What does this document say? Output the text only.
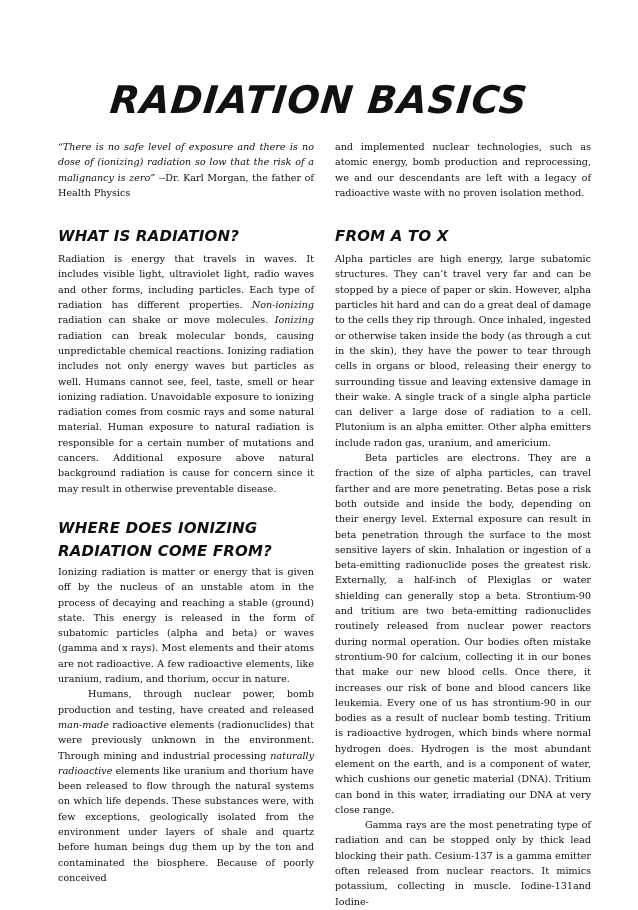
RADIATION BASICS

“There is no safe level of exposure and there is no dose of (ionizing) radiation so low that the risk of a malignancy is zero” --Dr. Karl Morgan, the father of Health Physics

WHAT IS RADIATION?

Radiation is energy that travels in waves. It includes visible light, ultraviolet light, radio waves and other forms, including particles. Each type of radiation has different properties. Non-ionizing radiation can shake or move molecules. Ionizing radiation can break molecular bonds, causing unpredictable chemical reactions. Ionizing radiation includes not only energy waves but particles as well. Humans cannot see, feel, taste, smell or hear ionizing radiation. Unavoidable exposure to ionizing radiation comes from cosmic rays and some natural material. Human exposure to natural radiation is responsible for a certain number of mutations and cancers. Additional exposure above natural background radiation is cause for concern since it may result in otherwise preventable disease.

WHERE DOES IONIZING RADIATION COME FROM?

Ionizing radiation is matter or energy that is given off by the nucleus of an unstable atom in the process of decaying and reaching a stable (ground) state. This energy is released in the form of subatomic particles (alpha and beta) or waves (gamma and x rays). Most elements and their atoms are not radioactive. A few radioactive elements, like uranium, radium, and thorium, occur in nature.

Humans, through nuclear power, bomb production and testing, have created and released man-made radioactive elements (radionuclides) that were previously unknown in the environment. Through mining and industrial processing naturally radioactive elements like uranium and thorium have been released to flow through the natural systems on which life depends. These substances were, with few exceptions, geologically isolated from the environment under layers of shale and quartz before human beings dug them up by the ton and contaminated the biosphere. Because of poorly conceived

and implemented nuclear technologies, such as atomic energy, bomb production and reprocessing, we and our descendants are left with a legacy of radioactive waste with no proven isolation method.

FROM A TO X

Alpha particles are high energy, large subatomic structures. They can’t travel very far and can be stopped by a piece of paper or skin. However, alpha particles hit hard and can do a great deal of damage to the cells they rip through. Once inhaled, ingested or otherwise taken inside the body (as through a cut in the skin), they have the power to tear through cells in organs or blood, releasing their energy to surrounding tissue and leaving extensive damage in their wake. A single track of a single alpha particle can deliver a large dose of radiation to a cell. Plutonium is an alpha emitter. Other alpha emitters include radon gas, uranium, and americium.

Beta particles are electrons. They are a fraction of the size of alpha particles, can travel farther and are more penetrating. Betas pose a risk both outside and inside the body, depending on their energy level. External exposure can result in beta penetration through the surface to the most sensitive layers of skin. Inhalation or ingestion of a beta-emitting radionuclide poses the greatest risk. Externally, a half-inch of Plexiglas or water shielding can generally stop a beta. Strontium-90 and tritium are two beta-emitting radionuclides routinely released from nuclear power reactors during normal operation. Our bodies often mistake strontium-90 for calcium, collecting it in our bones that make our new blood cells. Once there, it increases our risk of bone and blood cancers like leukemia. Every one of us has strontium-90 in our bodies as a result of nuclear bomb testing. Tritium is radioactive hydrogen, which binds where normal hydrogen does. Hydrogen is the most abundant element on the earth, and is a component of water, which cushions our genetic material (DNA). Tritium can bond in this water, irradiating our DNA at very close range.

Gamma rays are the most penetrating type of radiation and can be stopped only by thick lead blocking their path. Cesium-137 is a gamma emitter often released from nuclear reactors. It mimics potassium, collecting in muscle. Iodine-131and Iodine-
